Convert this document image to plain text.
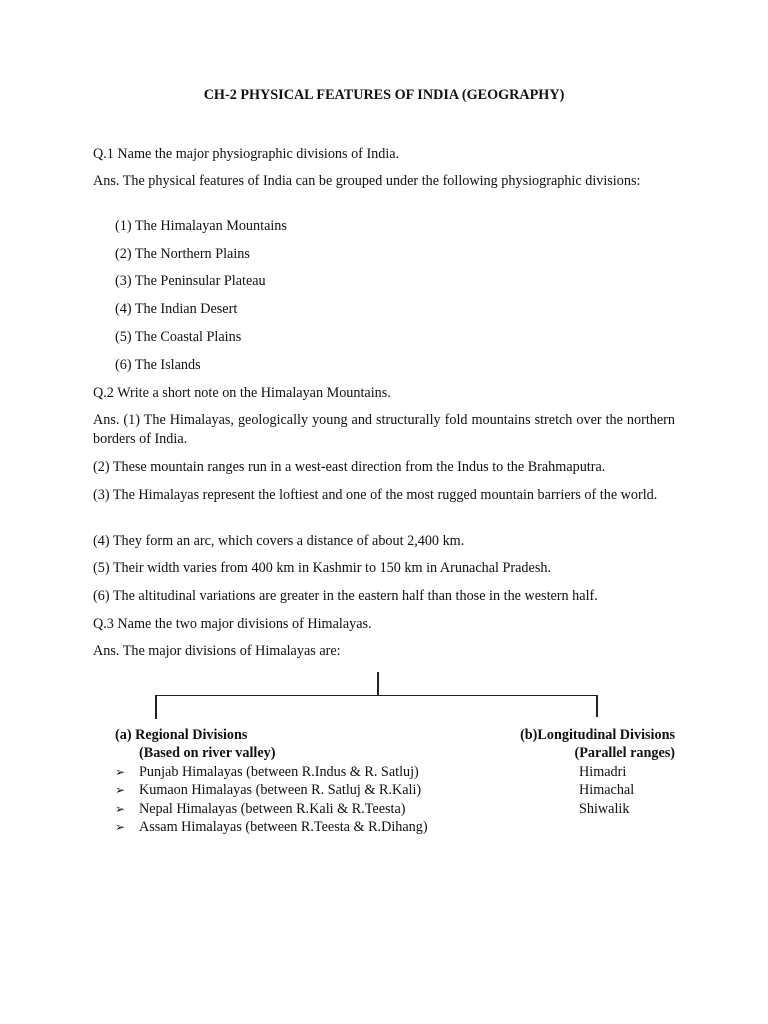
CH-2 PHYSICAL FEATURES OF INDIA (GEOGRAPHY)
Q.1 Name the major physiographic divisions of India.
Ans. The physical features of India can be grouped under the following physiographic divisions:
(1) The Himalayan Mountains
(2) The Northern Plains
(3) The Peninsular Plateau
(4) The Indian Desert
(5) The Coastal Plains
(6) The Islands
Q.2 Write a short note on the Himalayan Mountains.
Ans. (1) The Himalayas, geologically young and structurally fold mountains stretch over the northern borders of India.
(2) These mountain ranges run in a west-east direction from the Indus to the Brahmaputra.
(3) The Himalayas represent the loftiest and one of the most rugged mountain barriers of the world.
(4) They form an arc, which covers a distance of about 2,400 km.
(5) Their width varies from 400 km in Kashmir to 150 km in Arunachal Pradesh.
(6) The altitudinal variations are greater in the eastern half than those in the western half.
Q.3 Name the two major divisions of Himalayas.
Ans. The major divisions of Himalayas are:
(a) Regional Divisions
(Based on river valley)
➢ Punjab Himalayas (between R.Indus & R. Satluj)
➢ Kumaon Himalayas (between R. Satluj & R.Kali)
➢ Nepal Himalayas (between R.Kali & R.Teesta)
➢ Assam Himalayas (between R.Teesta & R.Dihang)
(b)Longitudinal Divisions
(Parallel ranges)
Himadri
Himachal
Shiwalik
